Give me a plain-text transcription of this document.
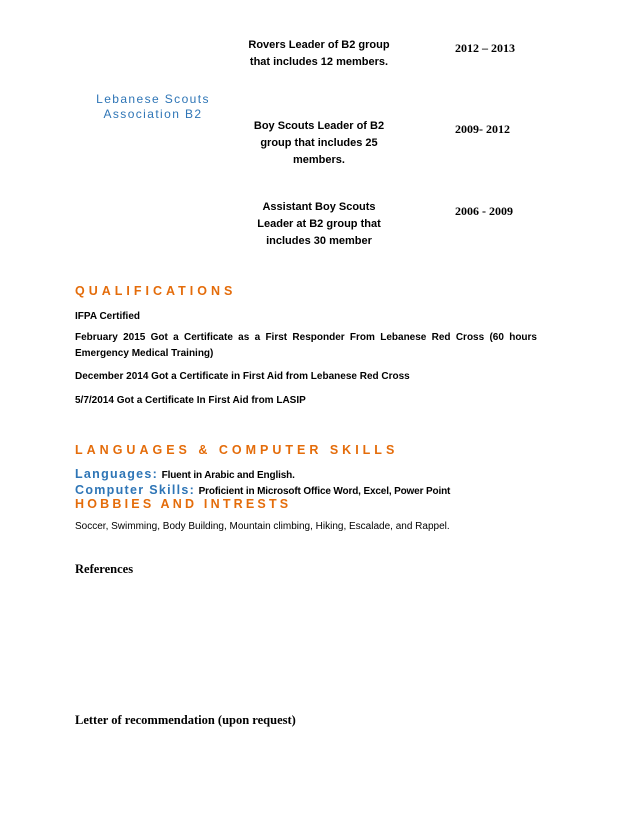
Lebanese Scouts
Association B2
Rovers Leader of B2 group that includes 12 members.
2012 – 2013
Boy Scouts Leader of B2 group that includes 25 members.
2009- 2012
Assistant Boy Scouts Leader at B2 group that includes 30 member
2006 - 2009
QUALIFICATIONS
IFPA Certified
February 2015 Got a Certificate as a First Responder From Lebanese Red Cross (60 hours Emergency Medical Training)
December 2014 Got a Certificate in First Aid from Lebanese Red Cross
5/7/2014 Got a Certificate In First Aid from LASIP
LANGUAGES & COMPUTER SKILLS
Languages: Fluent in Arabic and English.
Computer Skills: Proficient in Microsoft Office Word, Excel, Power Point
HOBBIES AND INTRESTS
Soccer, Swimming, Body Building, Mountain climbing, Hiking, Escalade, and Rappel.
References
Letter of recommendation (upon request)
